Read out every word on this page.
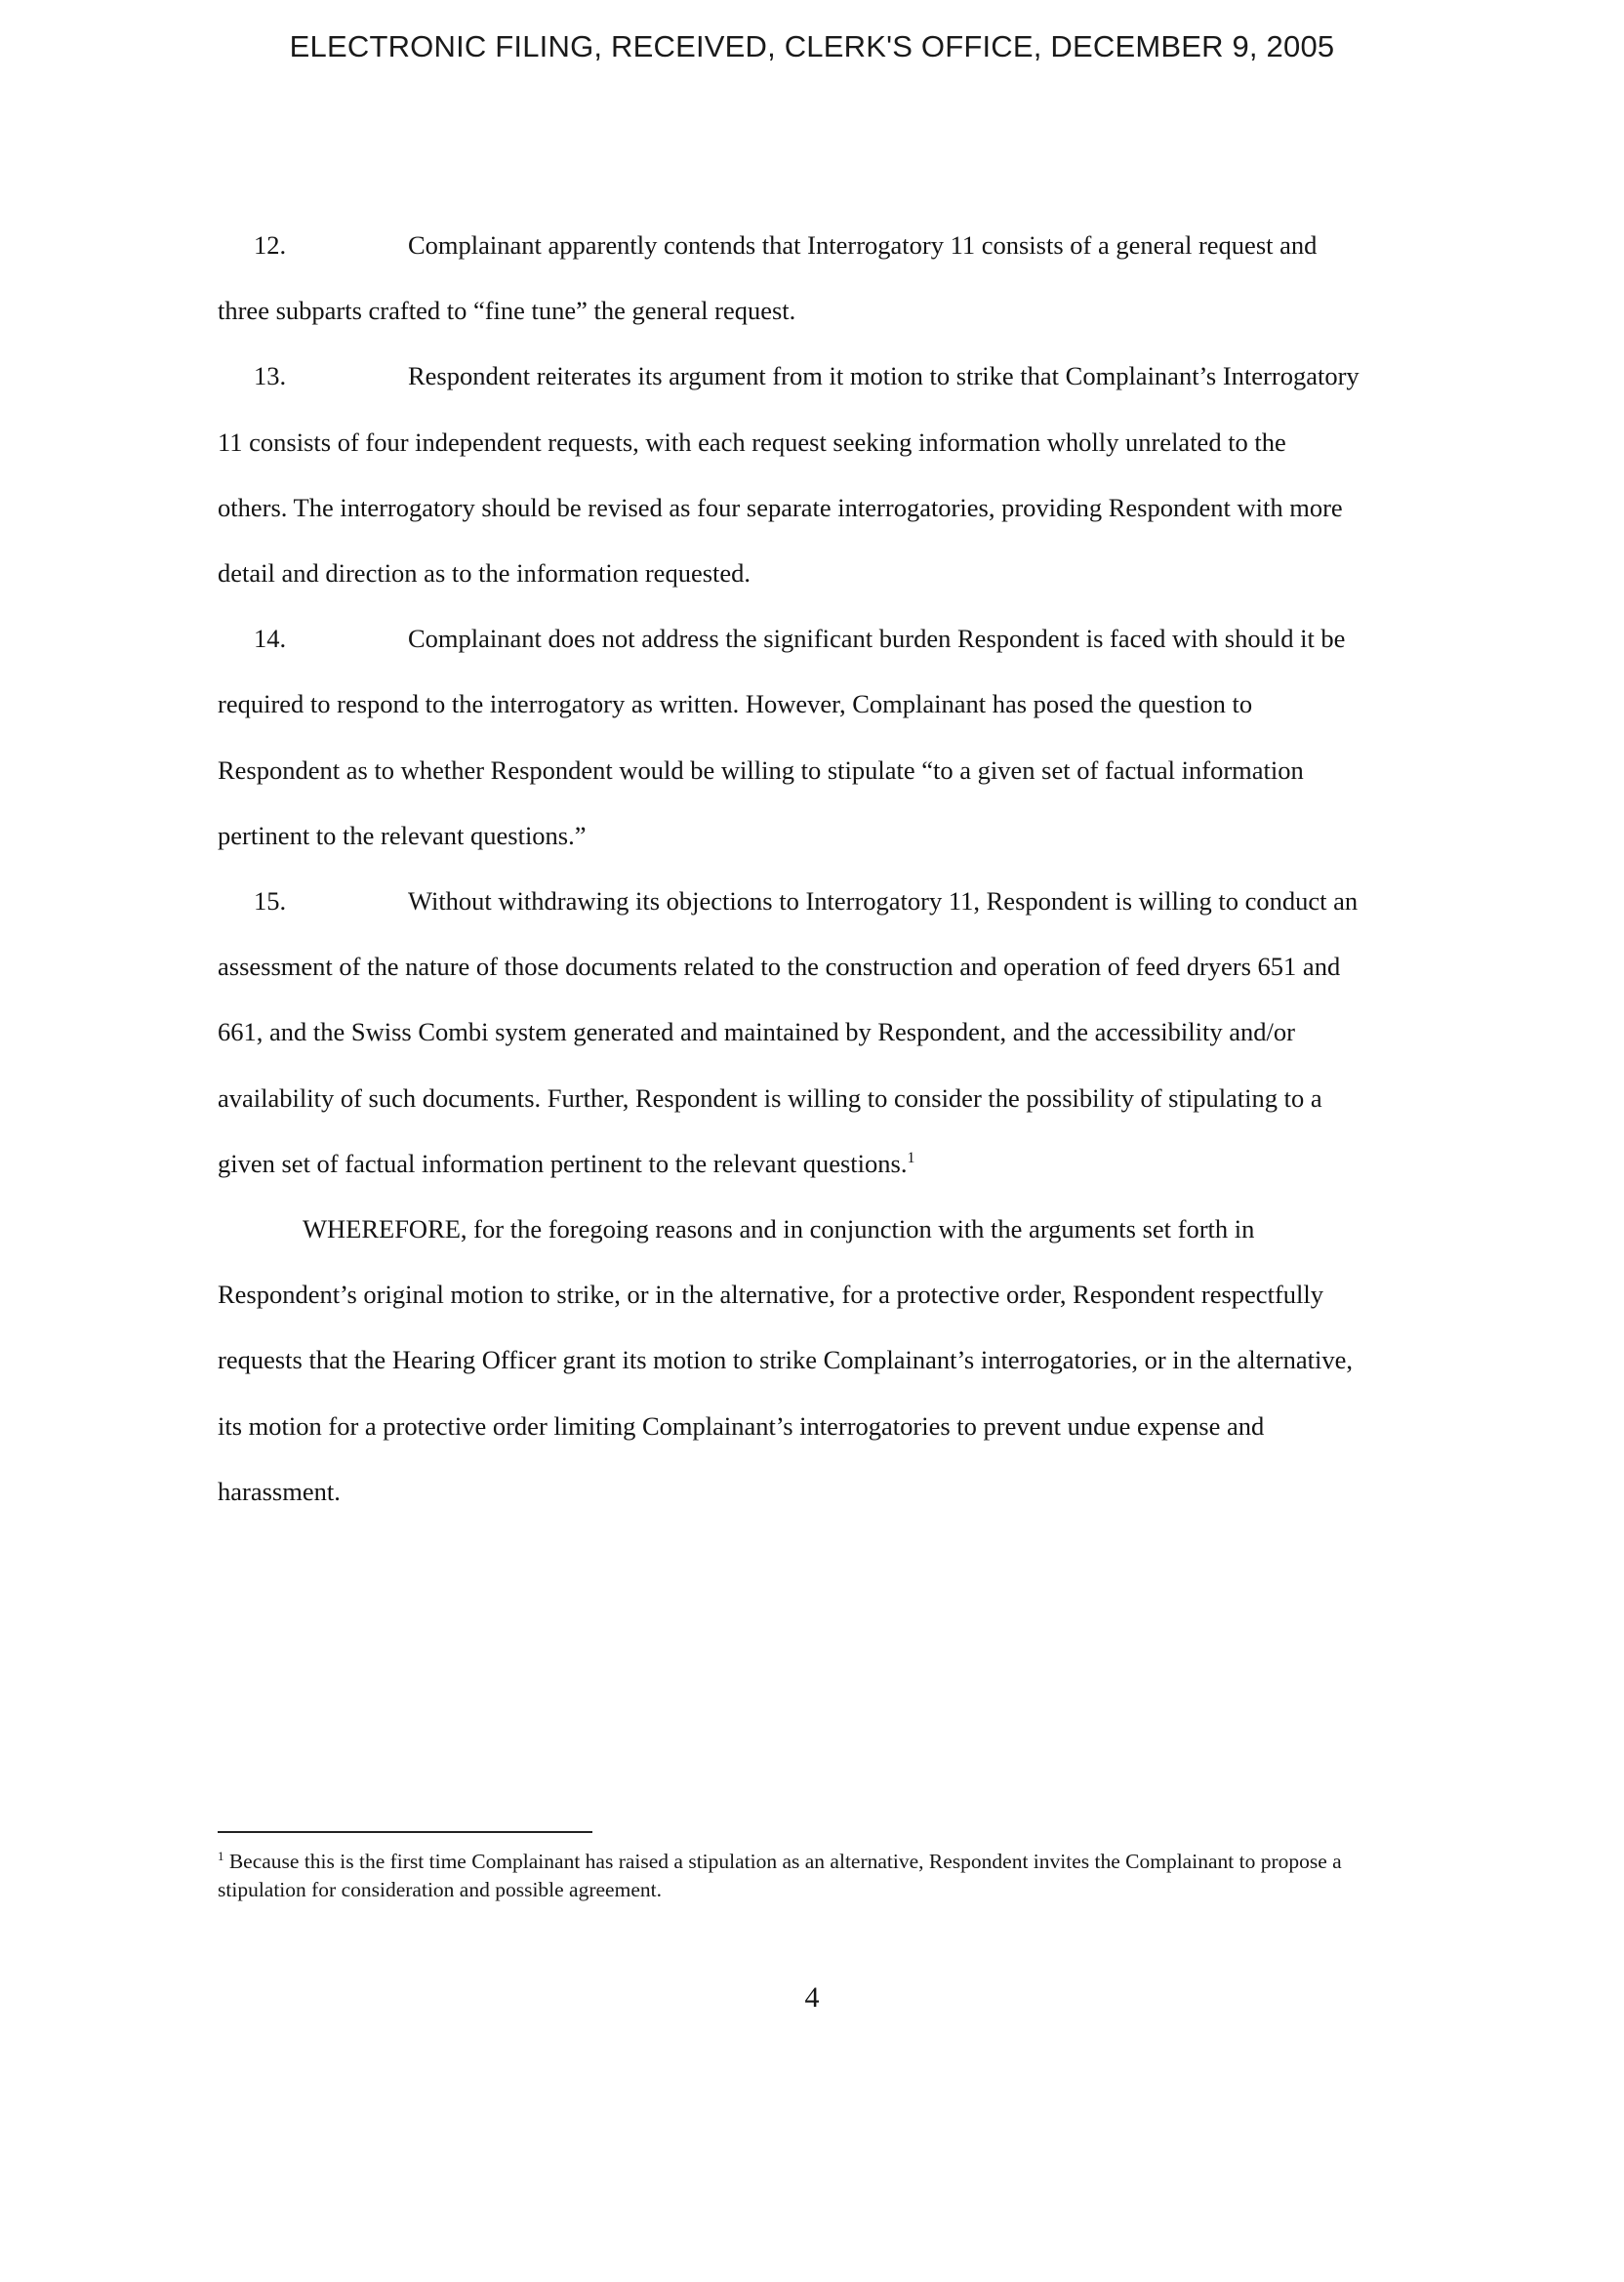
ELECTRONIC FILING, RECEIVED, CLERK'S OFFICE, DECEMBER 9, 2005

12.	Complainant apparently contends that Interrogatory 11 consists of a general request and three subparts crafted to “fine tune” the general request.

13.	Respondent reiterates its argument from it motion to strike that Complainant’s Interrogatory 11 consists of four independent requests, with each request seeking information wholly unrelated to the others. The interrogatory should be revised as four separate interrogatories, providing Respondent with more detail and direction as to the information requested.

14.	Complainant does not address the significant burden Respondent is faced with should it be required to respond to the interrogatory as written. However, Complainant has posed the question to Respondent as to whether Respondent would be willing to stipulate “to a given set of factual information pertinent to the relevant questions.”

15.	Without withdrawing its objections to Interrogatory 11, Respondent is willing to conduct an assessment of the nature of those documents related to the construction and operation of feed dryers 651 and 661, and the Swiss Combi system generated and maintained by Respondent, and the accessibility and/or availability of such documents. Further, Respondent is willing to consider the possibility of stipulating to a given set of factual information pertinent to the relevant questions.$^1$

WHEREFORE, for the foregoing reasons and in conjunction with the arguments set forth in Respondent’s original motion to strike, or in the alternative, for a protective order, Respondent respectfully requests that the Hearing Officer grant its motion to strike Complainant’s interrogatories, or in the alternative, its motion for a protective order limiting Complainant’s interrogatories to prevent undue expense and harassment.

$^1$ Because this is the first time Complainant has raised a stipulation as an alternative, Respondent invites the Complainant to propose a stipulation for consideration and possible agreement.
4
